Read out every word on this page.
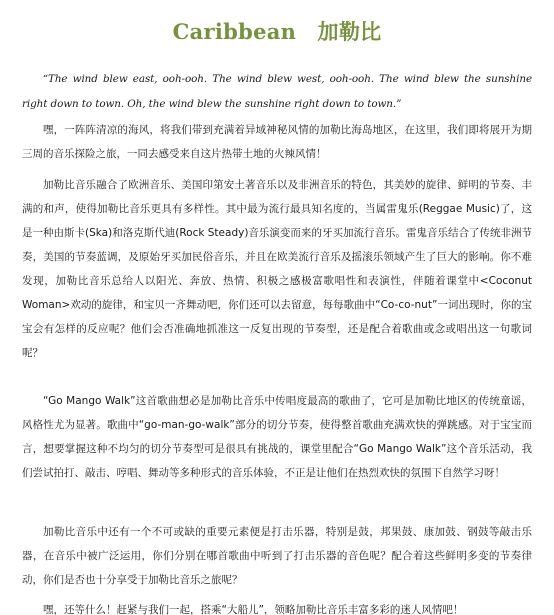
Caribbean　加勒比

“The wind blew east, ooh-ooh. The wind blew west, ooh-ooh. The wind blew the sunshine right down to town. Oh, the wind blew the sunshine right down to town.”

嘿，一阵阵清凉的海风，将我们带到充满着异域神秘风情的加勒比海岛地区，在这里，我们即将展开为期三周的音乐探险之旅，一同去感受来自这片热带土地的火辣风情！

加勒比音乐融合了欧洲音乐、美国印第安土著音乐以及非洲音乐的特色，其美妙的旋律、鲜明的节奏、丰满的和声，使得加勒比音乐更具有多样性。其中最为流行最具知名度的，当属雷鬼乐(Reggae Music)了，这是一种由斯卡(Ska)和洛克斯代迪(Rock Steady)音乐演变而来的牙买加流行音乐。雷鬼音乐结合了传统非洲节奏，美国的节奏蓝调，及原始牙买加民俗音乐，并且在欧美流行音乐及摇滚乐领域产生了巨大的影响。你不难发现，加勒比音乐总给人以阳光、奔放、热情、积极之感极富歌唱性和表演性，伴随着课堂中<Coconut Woman>欢动的旋律，和宝贝一齐舞动吧，你们还可以去留意，每每歌曲中“Co-co-nut”一词出现时，你的宝宝会有怎样的反应呢？他们会否准确地抓准这一反复出现的节奏型，还是配合着歌曲或念或唱出这一句歌词呢？

“Go Mango Walk”这首歌曲想必是加勒比音乐中传唱度最高的歌曲了，它可是加勒比地区的传统童谣，风格性尤为显著。歌曲中“go-man-go-walk”部分的切分节奏，使得整首歌曲充满欢快的弹跳感。对于宝宝而言，想要掌握这种不均匀的切分节奏型可是很具有挑战的，课堂里配合“Go Mango Walk”这个音乐活动，我们尝试拍打、敲击、哼唱、舞动等多种形式的音乐体验，不正是让他们在热烈欢快的氛围下自然学习呀！

加勒比音乐中还有一个不可或缺的重要元素便是打击乐器，特别是鼓，邦果鼓、康加鼓、钢鼓等敲击乐器，在音乐中被广泛运用，你们分别在哪首歌曲中听到了打击乐器的音色呢？配合着这些鲜明多变的节奏律动，你们是否也十分享受于加勒比音乐之旅呢？

嘿，还等什么！赶紧与我们一起，搭乘“大船儿”，领略加勒比音乐丰富多彩的迷人风情吧！
